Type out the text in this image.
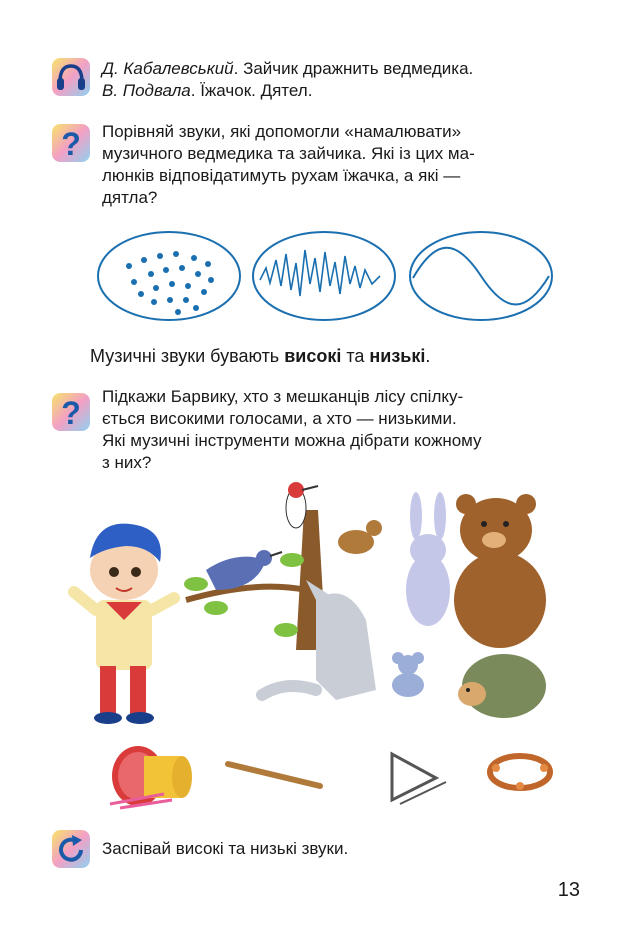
Д. Кабалевський. Зайчик дражнить ведмедика.
В. Подвала. Їжачок. Дятел.
? Порівняй звуки, які допомогли «намалювати»
музичного ведмедика та зайчика. Які із цих ма-
люнків відповідатимуть рухам їжачка, а які —
дятла?
Музичні звуки бувають високі та низькі.
? Підкажи Барвику, хто з мешканців лісу спілку-
ється високими голосами, а хто — низькими.
Які музичні інструменти можна дібрати кожному
з них?
Заспівай високі та низькі звуки.
13
